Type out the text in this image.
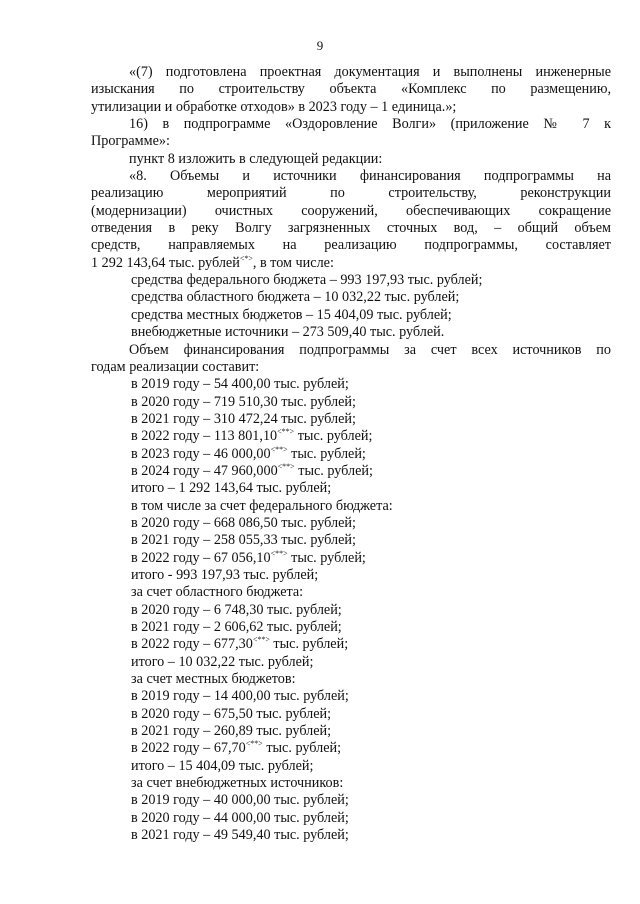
9
«(7) подготовлена проектная документация и выполнены инженерные
изыскания по строительству объекта «Комплекс по размещению,
утилизации и обработке отходов» в 2023 году – 1 единица.»;
16) в подпрограмме «Оздоровление Волги» (приложение № 7 к
Программе»:
пункт 8 изложить в следующей редакции:
«8. Объемы и источники финансирования подпрограммы на
реализацию мероприятий по строительству, реконструкции
(модернизации) очистных сооружений, обеспечивающих сокращение
отведения в реку Волгу загрязненных сточных вод, – общий объем
средств, направляемых на реализацию подпрограммы, составляет
1 292 143,64 тыс. рублей<*>, в том числе:
средства федерального бюджета – 993 197,93 тыс. рублей;
средства областного бюджета – 10 032,22 тыс. рублей;
средства местных бюджетов – 15 404,09 тыс. рублей;
внебюджетные источники – 273 509,40 тыс. рублей.
Объем финансирования подпрограммы за счет всех источников по
годам реализации составит:
в 2019 году – 54 400,00 тыс. рублей;
в 2020 году – 719 510,30 тыс. рублей;
в 2021 году – 310 472,24 тыс. рублей;
в 2022 году – 113 801,10<**> тыс. рублей;
в 2023 году – 46 000,00<**> тыс. рублей;
в 2024 году – 47 960,000<**> тыс. рублей;
итого – 1 292 143,64 тыс. рублей;
в том числе за счет федерального бюджета:
в 2020 году – 668 086,50 тыс. рублей;
в 2021 году – 258 055,33 тыс. рублей;
в 2022 году – 67 056,10<**> тыс. рублей;
итого - 993 197,93 тыс. рублей;
за счет областного бюджета:
в 2020 году – 6 748,30 тыс. рублей;
в 2021 году – 2 606,62 тыс. рублей;
в 2022 году – 677,30<**> тыс. рублей;
итого – 10 032,22 тыс. рублей;
за счет местных бюджетов:
в 2019 году – 14 400,00 тыс. рублей;
в 2020 году – 675,50 тыс. рублей;
в 2021 году – 260,89 тыс. рублей;
в 2022 году – 67,70<**> тыс. рублей;
итого – 15 404,09 тыс. рублей;
за счет внебюджетных источников:
в 2019 году – 40 000,00 тыс. рублей;
в 2020 году – 44 000,00 тыс. рублей;
в 2021 году – 49 549,40 тыс. рублей;
